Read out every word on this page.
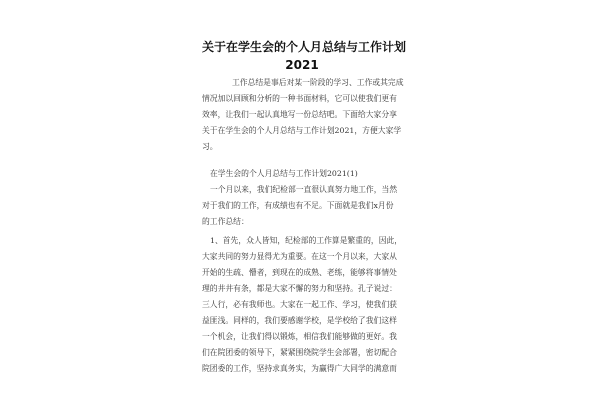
关于在学生会的个人月总结与工作计划
2021
工作总结是事后对某一阶段的学习、工作或其完成
情况加以回顾和分析的一种书面材料，它可以使我们更有
效率，让我们一起认真地写一份总结吧。下面给大家分享
关于在学生会的个人月总结与工作计划2021，方便大家学
习。
在学生会的个人月总结与工作计划2021(1)
一个月以来，我们纪检部一直很认真努力地工作，当然
对于我们的工作，有成绩也有不足。下面就是我们x月份
的工作总结：
1、首先，众人皆知，纪检部的工作算是繁重的，因此，
大家共同的努力显得尤为重要。在这一个月以来，大家从
开始的生疏、懵者，到现在的成熟、老练，能够将事情处
理的井井有条，都是大家不懈的努力和坚持。孔子说过：
三人行，必有我师也。大家在一起工作、学习，使我们获
益匪浅。同样的，我们要感谢学校，是学校给了我们这样
一个机会，让我们得以锻炼，相信我们能够做的更好。我
们在院团委的领导下，紧紧围绕院学生会部署，密切配合
院团委的工作，坚持求真务实，为赢得广大同学的满意而
